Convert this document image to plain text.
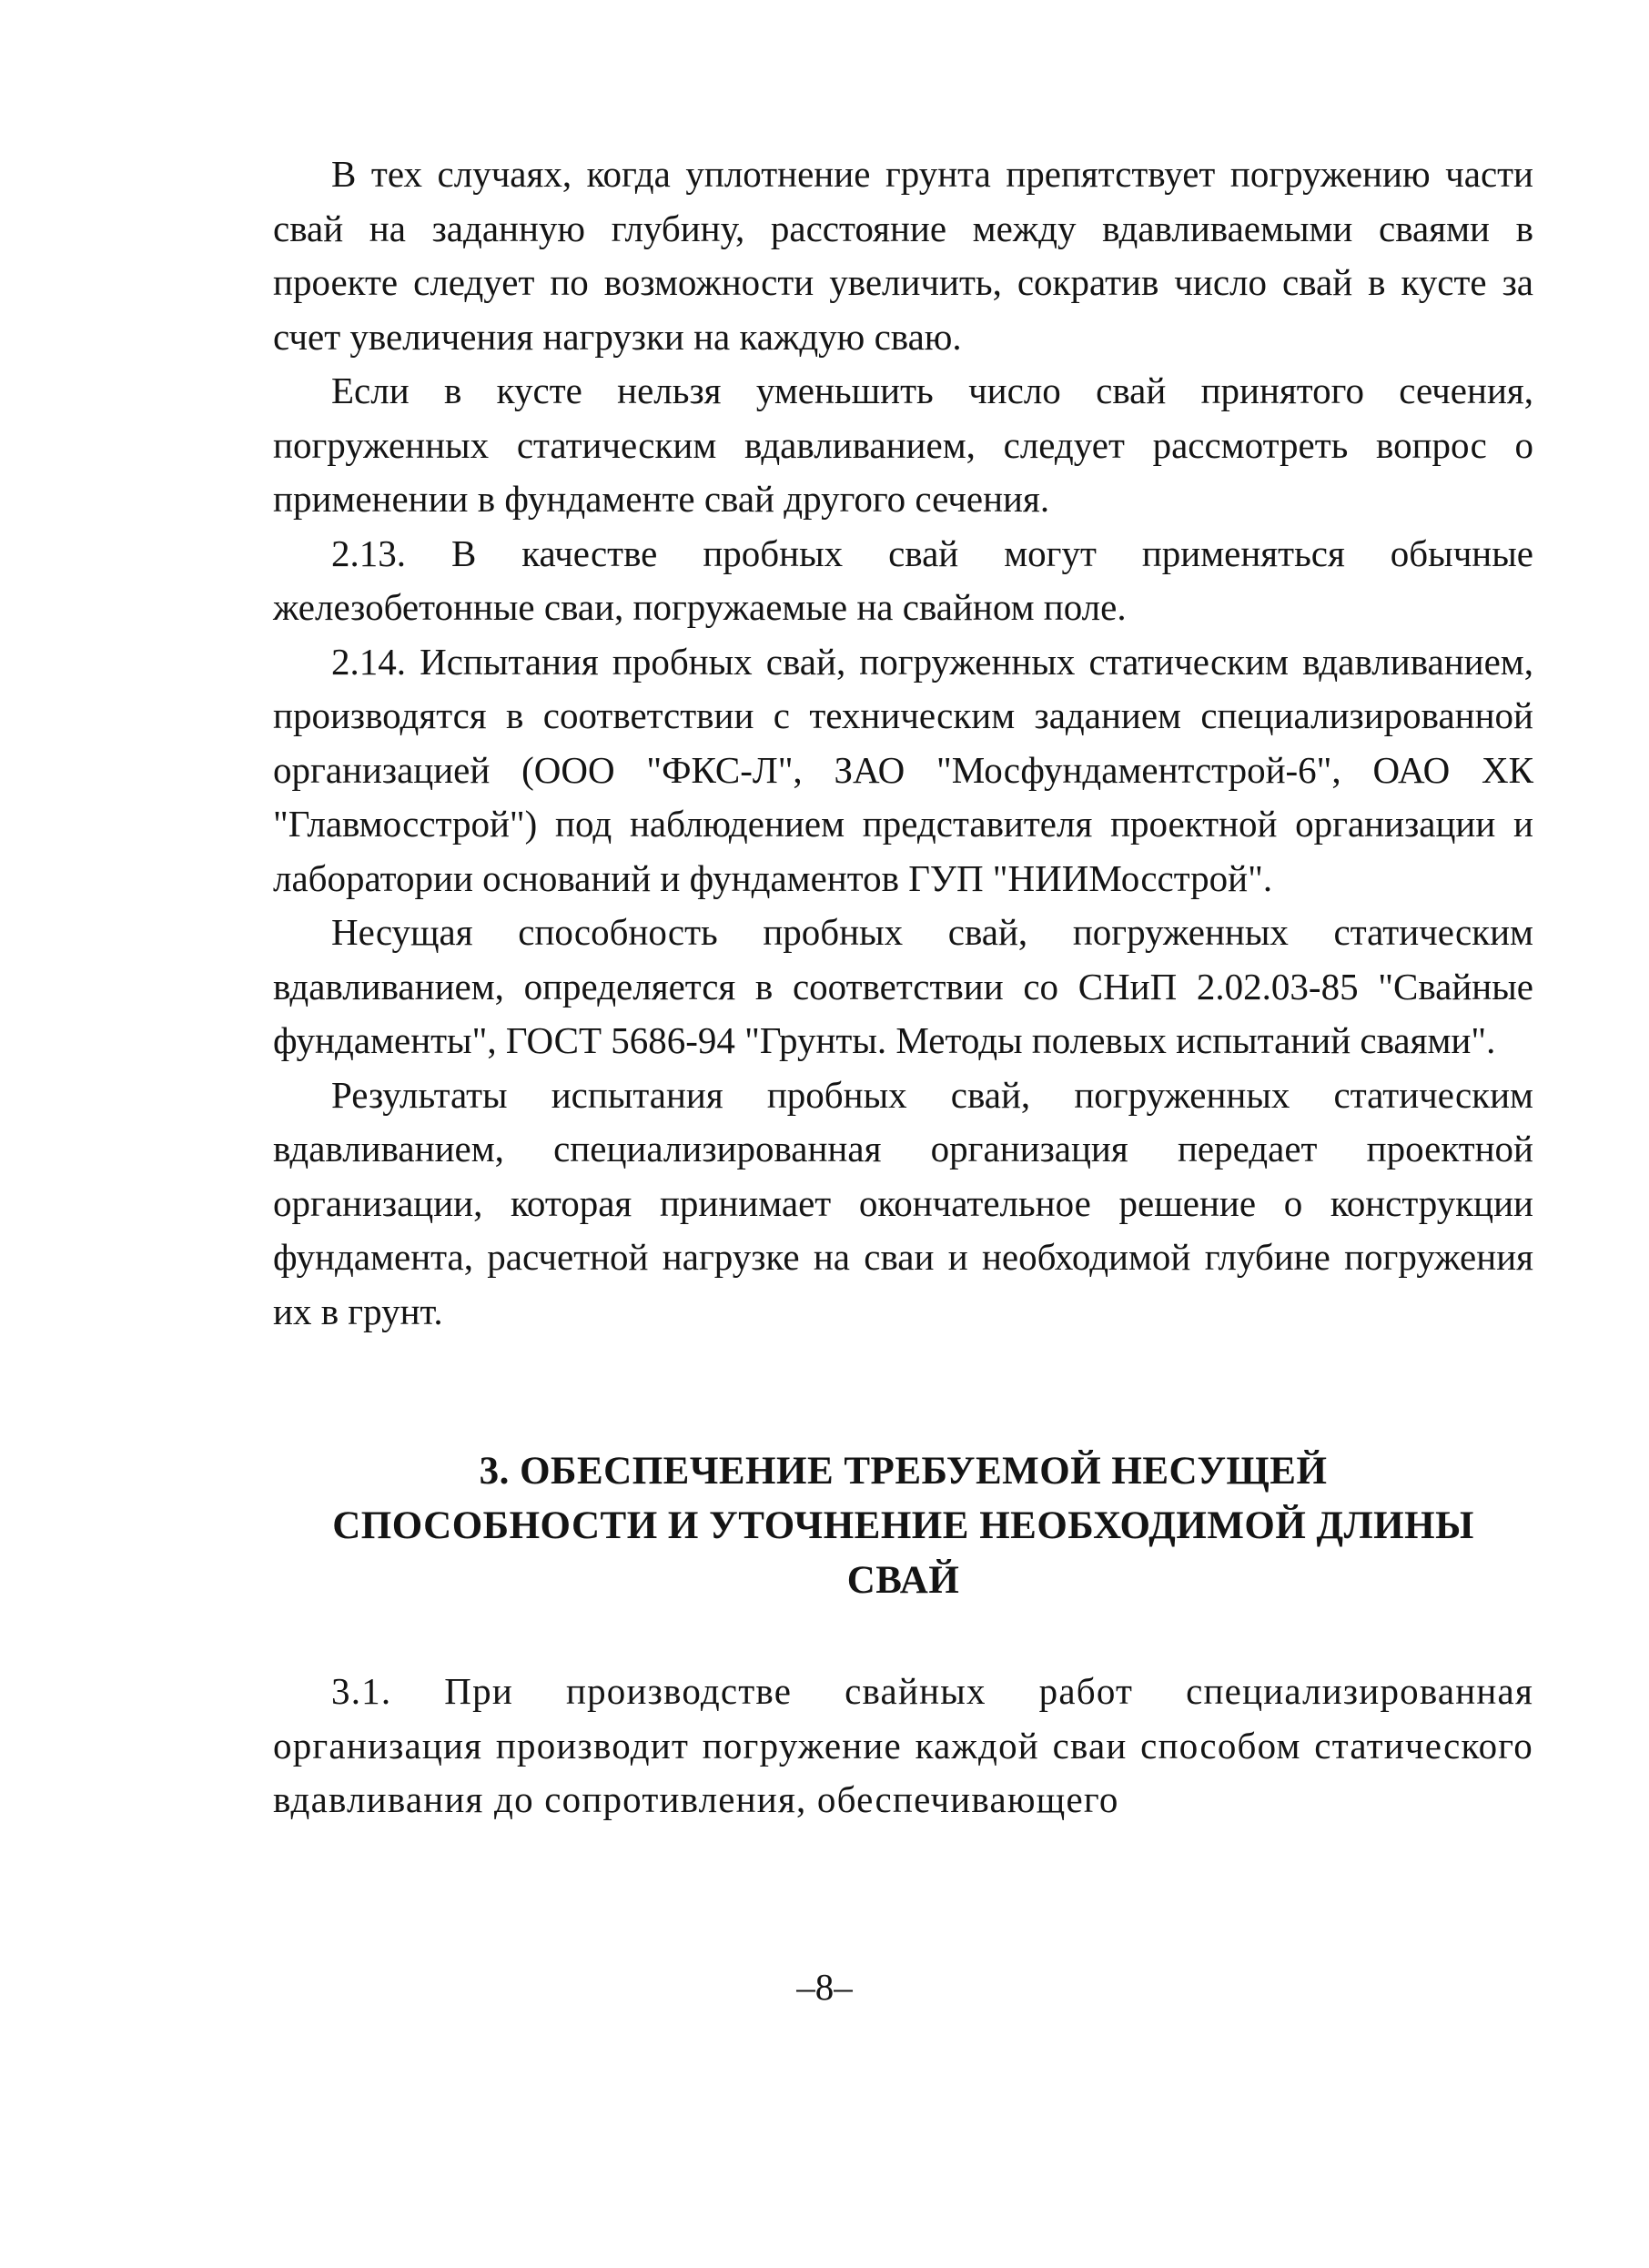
В тех случаях, когда уплотнение грунта препятствует погружению части свай на заданную глубину, расстояние между вдавливаемыми сваями в проекте следует по возможности увеличить, сократив число свай в кусте за счет увеличения нагрузки на каждую сваю.

Если в кусте нельзя уменьшить число свай принятого сечения, погруженных статическим вдавливанием, следует рассмотреть вопрос о применении в фундаменте свай другого сечения.

2.13. В качестве пробных свай могут применяться обычные железобетонные сваи, погружаемые на свайном поле.

2.14. Испытания пробных свай, погруженных статическим вдавливанием, производятся в соответствии с техническим заданием специализированной организацией (ООО "ФКС-Л", ЗАО "Мосфундаментстрой-6", ОАО ХК "Главмосстрой") под наблюдением представителя проектной организации и лаборатории оснований и фундаментов ГУП "НИИМосстрой".

Несущая способность пробных свай, погруженных статическим вдавливанием, определяется в соответствии со СНиП 2.02.03-85 "Свайные фундаменты", ГОСТ 5686-94 "Грунты. Методы полевых испытаний сваями".

Результаты испытания пробных свай, погруженных статическим вдавливанием, специализированная организация передает проектной организации, которая принимает окончательное решение о конструкции фундамента, расчетной нагрузке на сваи и необходимой глубине погружения их в грунт.

3. ОБЕСПЕЧЕНИЕ ТРЕБУЕМОЙ НЕСУЩЕЙ
СПОСОБНОСТИ И УТОЧНЕНИЕ НЕОБХОДИМОЙ ДЛИНЫ
СВАЙ

3.1. При производстве свайных работ специализированная организация производит погружение каждой сваи способом статического вдавливания до сопротивления, обеспечивающего

–8–
